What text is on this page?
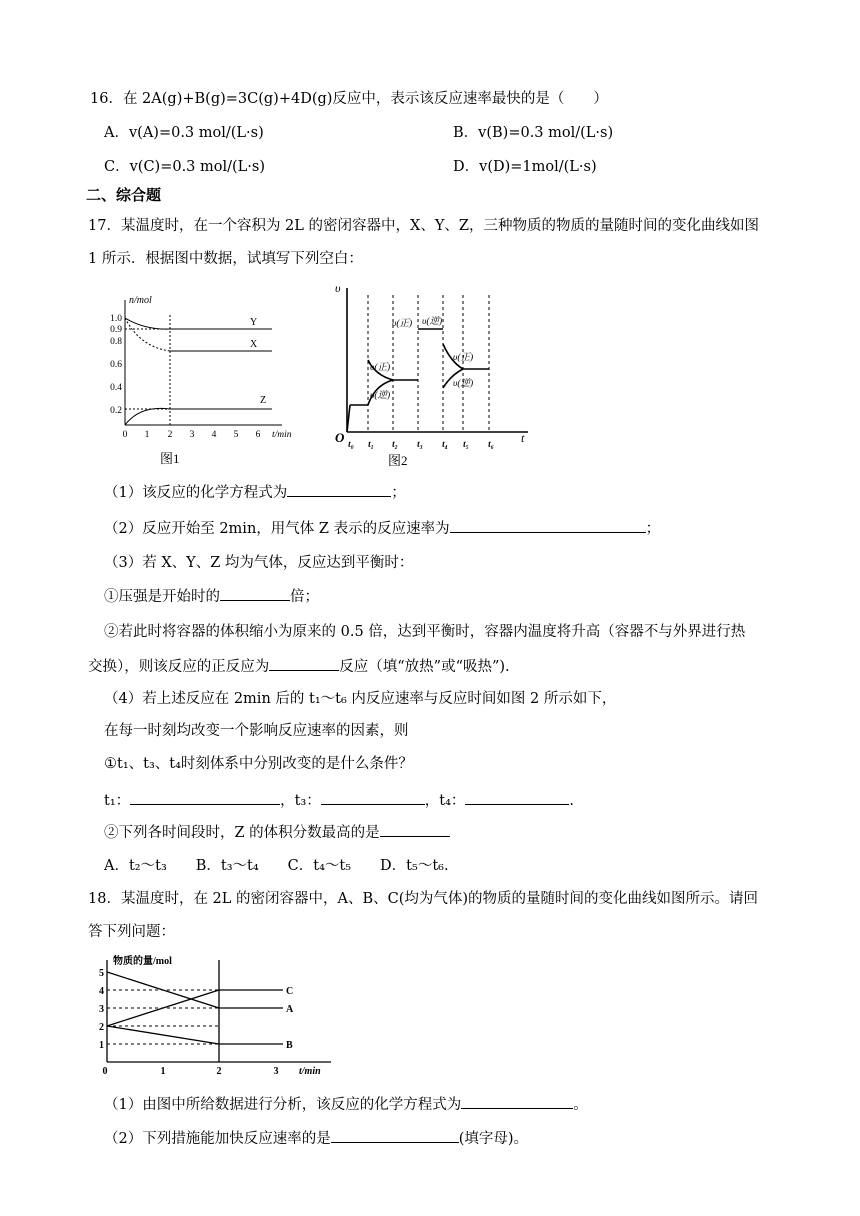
16．在 2A(g)+B(g)=3C(g)+4D(g)反应中，表示该反应速率最快的是（　　）
A．v(A)=0.3 mol/(L·s)	B．v(B)=0.3 mol/(L·s)
C．v(C)=0.3 mol/(L·s)	D．v(D)=1mol/(L·s)
二、综合题
17．某温度时，在一个容积为 2L 的密闭容器中，X、Y、Z，三种物质的物质的量随时间的变化曲线如图
1 所示．根据图中数据，试填写下列空白：
n/mol
1.0
0.9
0.8
0.6
0.4
0.2
0 1 2 3 4 5 6 t/min
Y
X
Z
图1
υ
O	t
t₀ t₁ t₂ t₃ t₄ t₅ t₆
υ(正) υ(逆)
υ(正)
υ(逆)
υ(正)
υ(逆)
图2
（1）该反应的化学方程式为	；
（2）反应开始至 2min，用气体 Z 表示的反应速率为	；
（3）若 X、Y、Z 均为气体，反应达到平衡时：
①压强是开始时的	倍；
②若此时将容器的体积缩小为原来的 0.5 倍，达到平衡时，容器内温度将升高（容器不与外界进行热
交换），则该反应的正反应为	反应（填“放热”或“吸热”).
（4）若上述反应在 2min 后的 t₁～t₆ 内反应速率与反应时间如图 2 所示如下，
在每一时刻均改变一个影响反应速率的因素，则
①t₁、t₃、t₄时刻体系中分别改变的是什么条件？
t₁：	，t₃：	，t₄：	.
②下列各时间段时，Z 的体积分数最高的是
A．t₂～t₃　　B．t₃～t₄　　C．t₄～t₅　　D．t₅～t₆.
18．某温度时，在 2L 的密闭容器中，A、B、C(均为气体)的物质的量随时间的变化曲线如图所示。请回
答下列问题：
物质的量/mol
5
4
3
2
1
0	1	2	3 t/min
C
A
B
（1）由图中所给数据进行分析，该反应的化学方程式为	。
（2）下列措施能加快反应速率的是	(填字母)。
